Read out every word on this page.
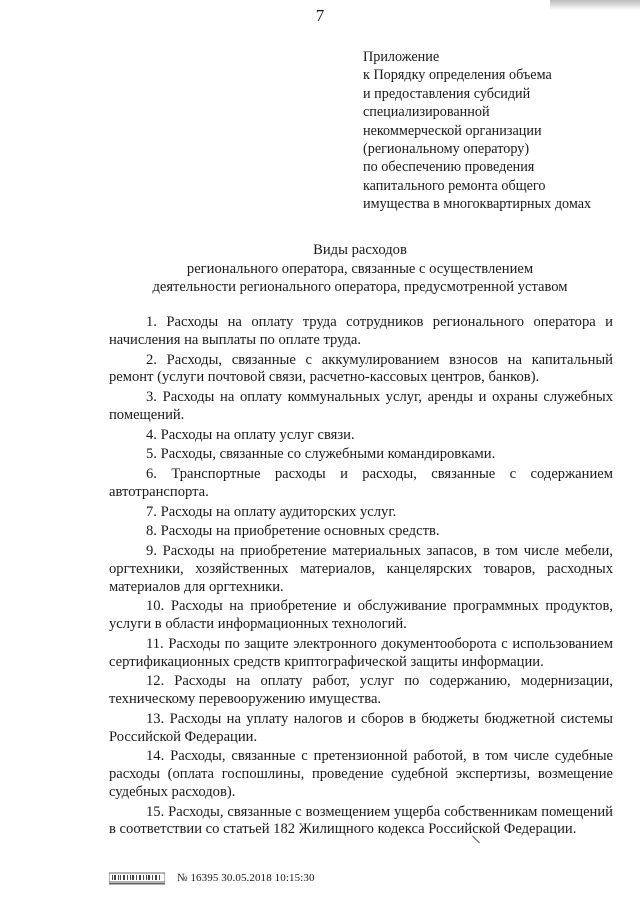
7
Приложение
к Порядку определения объема
и предоставления субсидий
специализированной
некоммерческой организации
(региональному оператору)
по обеспечению проведения
капитального ремонта общего
имущества в многоквартирных домах
Виды расходов
регионального оператора, связанные с осуществлением
деятельности регионального оператора, предусмотренной уставом

1. Расходы на оплату труда сотрудников регионального оператора и начисления на выплаты по оплате труда.

2. Расходы, связанные с аккумулированием взносов на капитальный ремонт (услуги почтовой связи, расчетно-кассовых центров, банков).

3. Расходы на оплату коммунальных услуг, аренды и охраны служебных помещений.

4. Расходы на оплату услуг связи.

5. Расходы, связанные со служебными командировками.

6. Транспортные расходы и расходы, связанные с содержанием автотранспорта.

7. Расходы на оплату аудиторских услуг.

8. Расходы на приобретение основных средств.

9. Расходы на приобретение материальных запасов, в том числе мебели, оргтехники, хозяйственных материалов, канцелярских товаров, расходных материалов для оргтехники.

10. Расходы на приобретение и обслуживание программных продуктов, услуги в области информационных технологий.

11. Расходы по защите электронного документооборота с использованием сертификационных средств криптографической защиты информации.

12. Расходы на оплату работ, услуг по содержанию, модернизации, техническому перевооружению имущества.

13. Расходы на уплату налогов и сборов в бюджеты бюджетной системы Российской Федерации.

14. Расходы, связанные с претензионной работой, в том числе судебные расходы (оплата госпошлины, проведение судебной экспертизы, возмещение судебных расходов).

15. Расходы, связанные с возмещением ущерба собственникам помещений в соответствии со статьей 182 Жилищного кодекса Российской Федерации.

№ 16395 30.05.2018 10:15:30
